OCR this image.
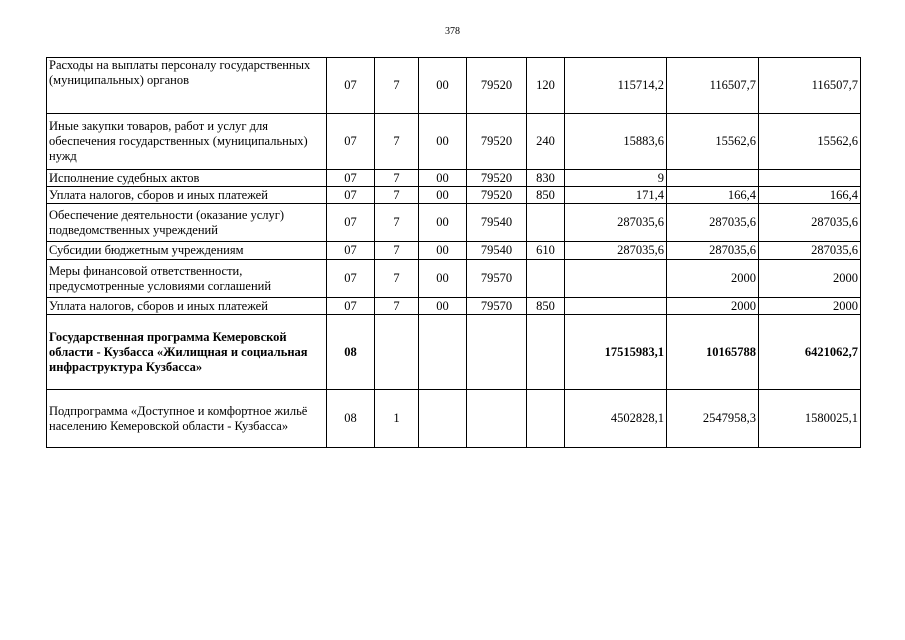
378
Расходы на выплаты персоналу государственных (муниципальных) органов	07	7	00	79520	120	115714,2	116507,7	116507,7
Иные закупки товаров, работ и услуг для обеспечения государственных (муниципальных) нужд	07	7	00	79520	240	15883,6	15562,6	15562,6
Исполнение судебных актов	07	7	00	79520	830	9		
Уплата налогов, сборов и иных платежей	07	7	00	79520	850	171,4	166,4	166,4
Обеспечение деятельности (оказание услуг) подведомственных учреждений	07	7	00	79540		287035,6	287035,6	287035,6
Субсидии бюджетным учреждениям	07	7	00	79540	610	287035,6	287035,6	287035,6
Меры финансовой ответственности, предусмотренные условиями соглашений	07	7	00	79570			2000	2000
Уплата налогов, сборов и иных платежей	07	7	00	79570	850		2000	2000
Государственная программа Кемеровской области - Кузбасса «Жилищная и социальная инфраструктура Кузбасса»	08					17515983,1	10165788	6421062,7
Подпрограмма «Доступное и комфортное жильё населению Кемеровской области - Кузбасса»	08	1				4502828,1	2547958,3	1580025,1
